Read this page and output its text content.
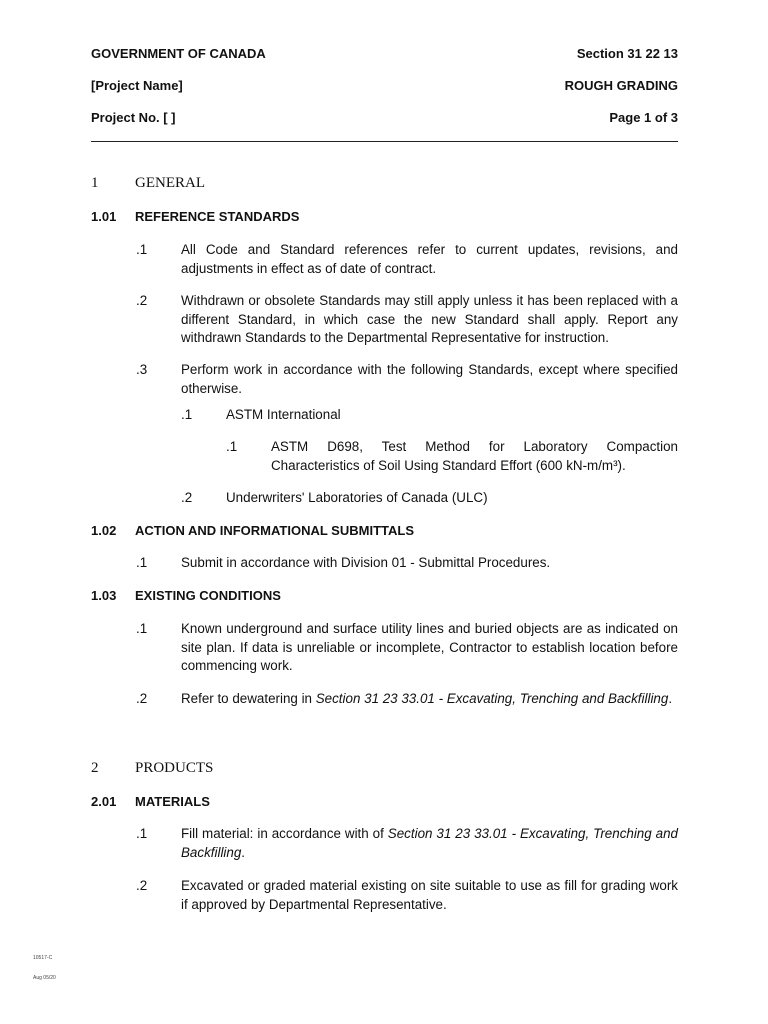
GOVERNMENT OF CANADA	Section 31 22 13
[Project Name]	ROUGH GRADING
Project No. [ ]	Page 1 of 3
1 GENERAL
1.01 REFERENCE STANDARDS
.1	All Code and Standard references refer to current updates, revisions, and adjustments in effect as of date of contract.
.2	Withdrawn or obsolete Standards may still apply unless it has been replaced with a different Standard, in which case the new Standard shall apply. Report any withdrawn Standards to the Departmental Representative for instruction.
.3	Perform work in accordance with the following Standards, except where specified otherwise.
.1	ASTM International
.1	ASTM D698, Test Method for Laboratory Compaction Characteristics of Soil Using Standard Effort (600 kN-m/m³).
.2	Underwriters' Laboratories of Canada (ULC)
1.02 ACTION AND INFORMATIONAL SUBMITTALS
.1	Submit in accordance with Division 01 - Submittal Procedures.
1.03 EXISTING CONDITIONS
.1	Known underground and surface utility lines and buried objects are as indicated on site plan. If data is unreliable or incomplete, Contractor to establish location before commencing work.
.2	Refer to dewatering in Section 31 23 33.01 - Excavating, Trenching and Backfilling.
2 PRODUCTS
2.01 MATERIALS
.1	Fill material: in accordance with of Section 31 23 33.01 - Excavating, Trenching and Backfilling.
.2	Excavated or graded material existing on site suitable to use as fill for grading work if approved by Departmental Representative.
10517-C
Aug 05/20
